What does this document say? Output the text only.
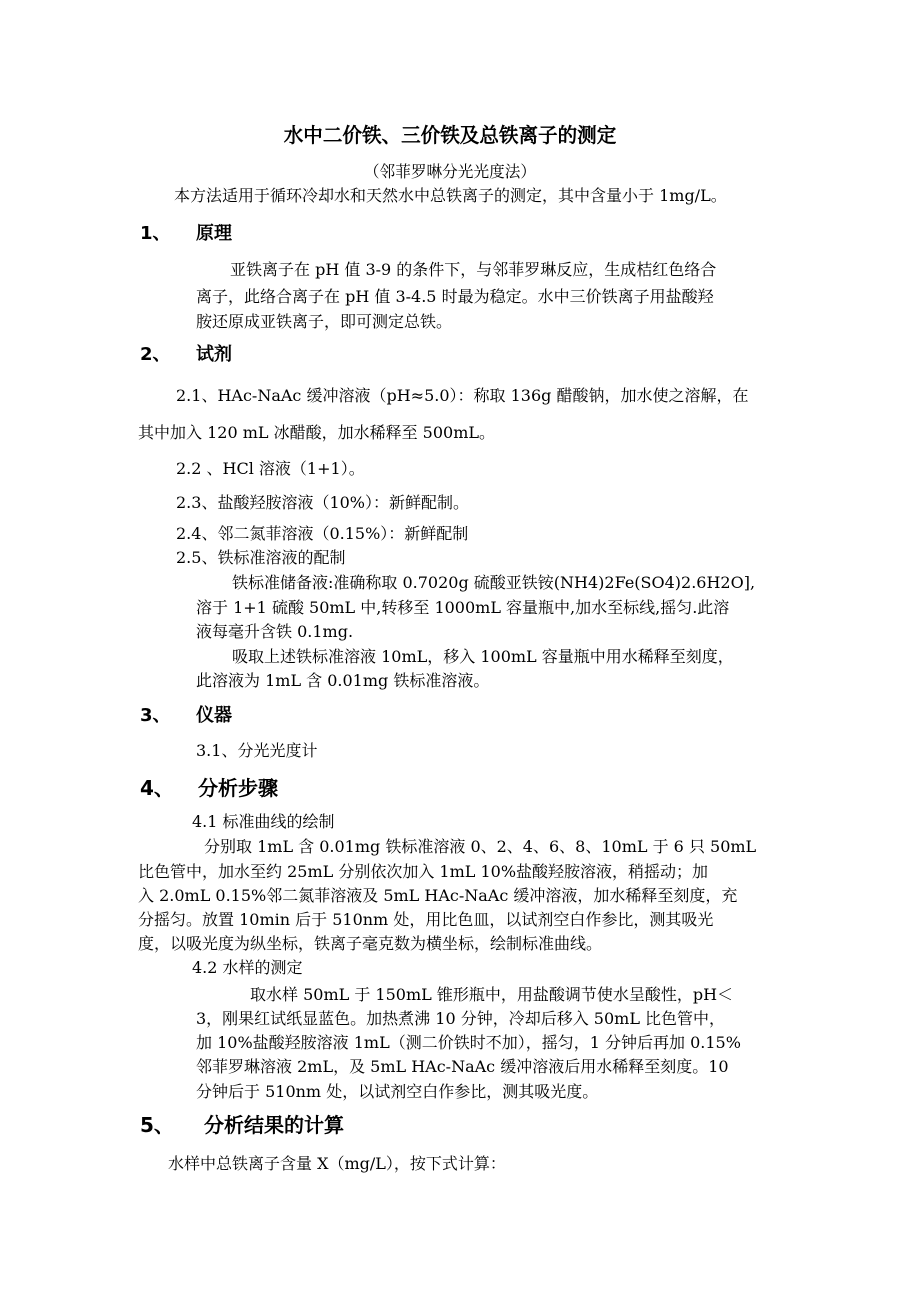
水中二价铁、三价铁及总铁离子的测定

（邻菲罗啉分光光度法）

本方法适用于循环冷却水和天然水中总铁离子的测定，其中含量小于 1mg/L。

1、 原理

亚铁离子在 pH 值 3-9 的条件下，与邻菲罗琳反应，生成桔红色络合

离子，此络合离子在 pH 值 3-4.5 时最为稳定。水中三价铁离子用盐酸羟

胺还原成亚铁离子，即可测定总铁。

2、 试剂

2.1、HAc-NaAc 缓冲溶液（pH≈5.0）：称取 136g 醋酸钠，加水使之溶解，在

其中加入 120 mL 冰醋酸，加水稀释至 500mL。

2.2 、HCl 溶液（1+1）。

2.3、盐酸羟胺溶液（10%）：新鲜配制。

2.4、邻二氮菲溶液（0.15%）：新鲜配制

2.5、铁标准溶液的配制

铁标准储备液:准确称取 0.7020g 硫酸亚铁铵(NH4)2Fe(SO4)2.6H2O],

溶于 1+1 硫酸 50mL 中,转移至 1000mL 容量瓶中,加水至标线,摇匀.此溶

液每毫升含铁 0.1mg.

吸取上述铁标准溶液 10mL，移入 100mL 容量瓶中用水稀释至刻度，

此溶液为 1mL 含 0.01mg 铁标准溶液。

3、 仪器

3.1、分光光度计

4、 分析步骤

4.1 标准曲线的绘制

分别取 1mL 含 0.01mg 铁标准溶液 0、2、4、6、8、10mL 于 6 只 50mL

比色管中，加水至约 25mL 分别依次加入 1mL 10%盐酸羟胺溶液，稍摇动；加

入 2.0mL 0.15%邻二氮菲溶液及 5mL HAc-NaAc 缓冲溶液，加水稀释至刻度，充

分摇匀。放置 10min 后于 510nm 处，用比色皿，以试剂空白作参比，测其吸光

度，以吸光度为纵坐标，铁离子毫克数为横坐标，绘制标准曲线。

4.2 水样的测定

取水样 50mL 于 150mL 锥形瓶中，用盐酸调节使水呈酸性，pH＜

3，刚果红试纸显蓝色。加热煮沸 10 分钟，冷却后移入 50mL 比色管中，

加 10%盐酸羟胺溶液 1mL（测二价铁时不加），摇匀，1 分钟后再加 0.15%

邻菲罗琳溶液 2mL，及 5mL HAc-NaAc 缓冲溶液后用水稀释至刻度。10

分钟后于 510nm 处，以试剂空白作参比，测其吸光度。

5、 分析结果的计算

水样中总铁离子含量 X（mg/L），按下式计算：
